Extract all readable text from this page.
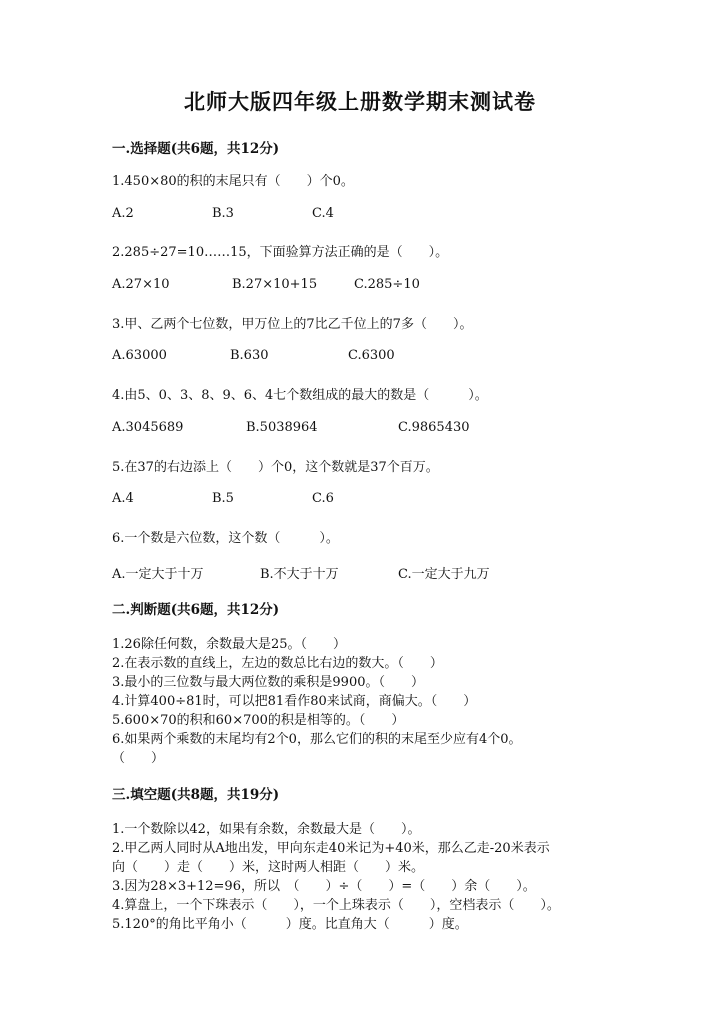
北师大版四年级上册数学期末测试卷
一.选择题(共6题，共12分)
1.450×80的积的末尾只有（　　）个0。
A.2	B.3	C.4
2.285÷27=10……15，下面验算方法正确的是（　　）。
A.27×10	B.27×10+15	C.285÷10
3.甲、乙两个七位数，甲万位上的7比乙千位上的7多（　　）。
A.63000	B.630	C.6300
4.由5、0、3、8、9、6、4七个数组成的最大的数是（　　　）。
A.3045689	B.5038964	C.9865430
5.在37的右边添上（　　）个0，这个数就是37个百万。
A.4	B.5	C.6
6.一个数是六位数，这个数（　　　）。
A.一定大于十万	B.不大于十万	C.一定大于九万
二.判断题(共6题，共12分)
1.26除任何数，余数最大是25。（　　）
2.在表示数的直线上，左边的数总比右边的数大。（　　）
3.最小的三位数与最大两位数的乘积是9900。（　　）
4.计算400÷81时，可以把81看作80来试商，商偏大。（　　）
5.600×70的积和60×700的积是相等的。（　　）
6.如果两个乘数的末尾均有2个0，那么它们的积的末尾至少应有4个0。
（　　）
三.填空题(共8题，共19分)
1.一个数除以42，如果有余数，余数最大是（　　）。
2.甲乙两人同时从A地出发，甲向东走40米记为+40米，那么乙走-20米表示
向（　　）走（　　）米，这时两人相距（　　）米。
3.因为28×3+12=96，所以　（　　）÷（　　）=（　　）余（　　）。
4.算盘上，一个下珠表示（　　），一个上珠表示（　　），空档表示（　　）。
5.120°的角比平角小（　　　）度。比直角大（　　　）度。
